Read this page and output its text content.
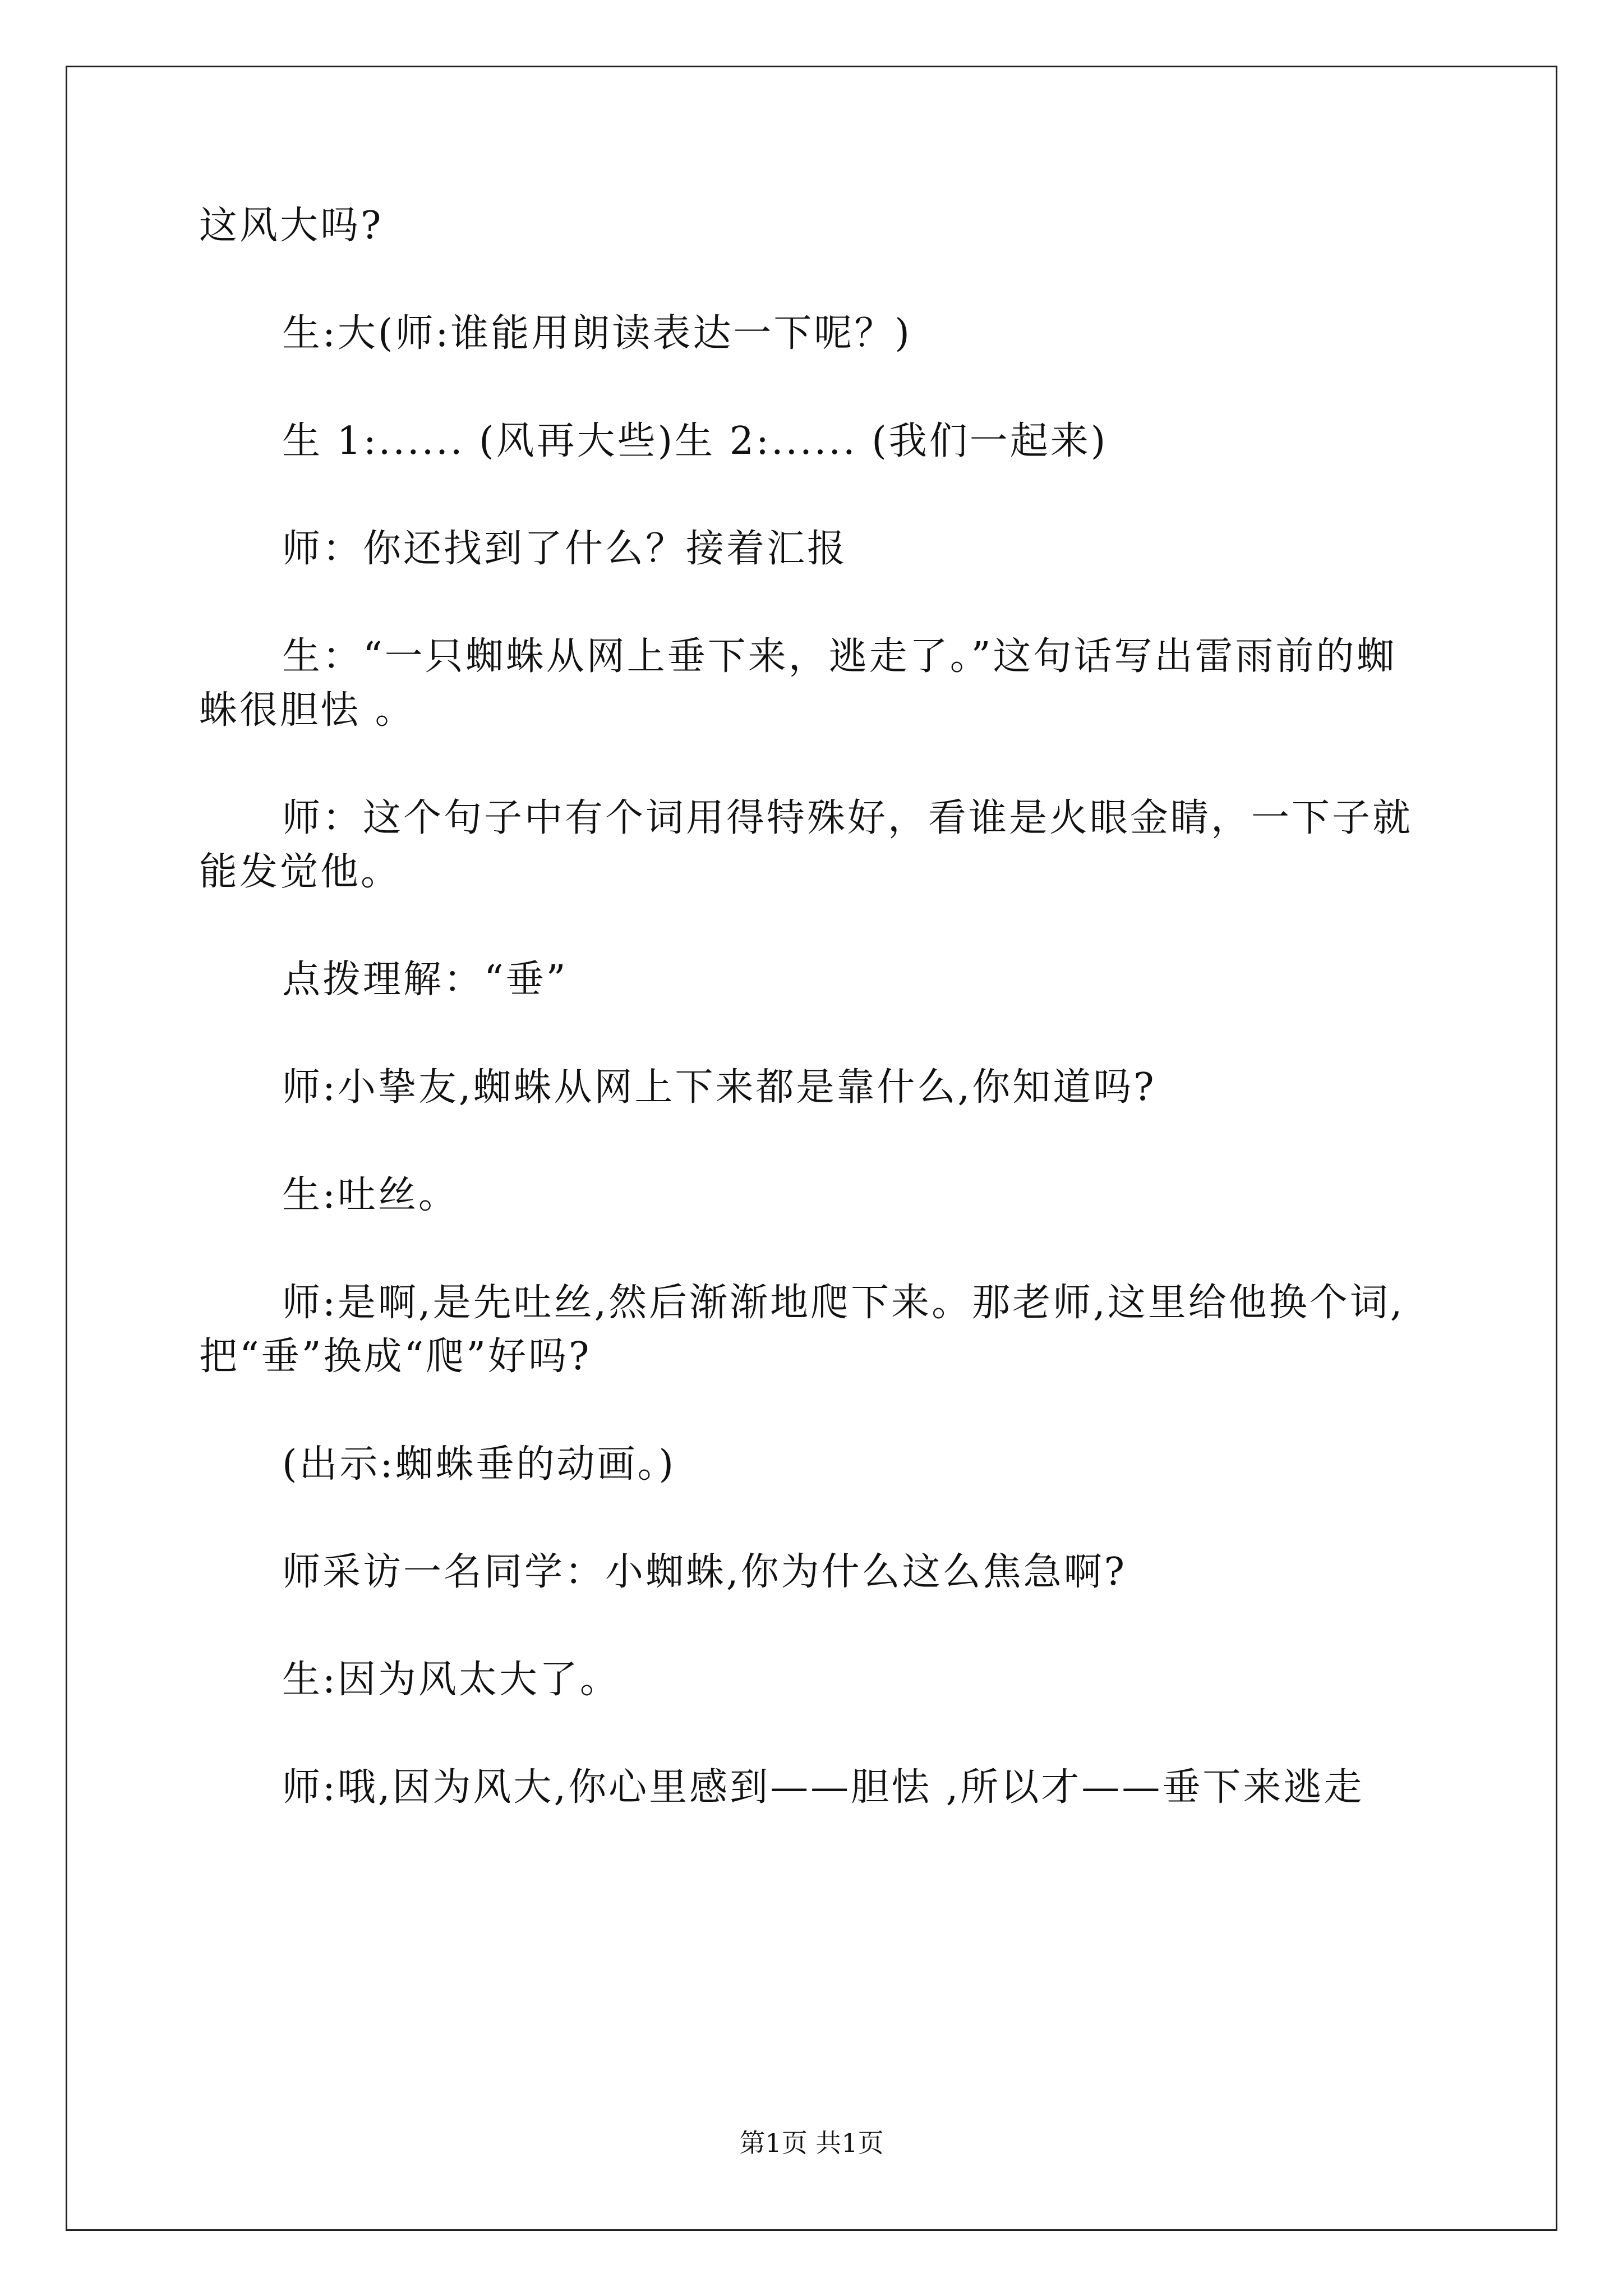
这风大吗?

生:大(师:谁能用朗读表达一下呢？)

生 1:...... (风再大些)生 2:...... (我们一起来)

师：你还找到了什么？接着汇报

生：“一只蜘蛛从网上垂下来，逃走了。”这句话写出雷雨前的蜘蛛很胆怯 。

师：这个句子中有个词用得特殊好，看谁是火眼金睛，一下子就能发觉他。

点拨理解：“垂”

师:小挚友,蜘蛛从网上下来都是靠什么,你知道吗?

生:吐丝。

师:是啊,是先吐丝,然后渐渐地爬下来。那老师,这里给他换个词,把“垂”换成“爬”好吗?

(出示:蜘蛛垂的动画。)

师采访一名同学：小蜘蛛,你为什么这么焦急啊?

生:因为风太大了。

师:哦,因为风大,你心里感到——胆怯 ,所以才——垂下来逃走

第1页 共1页
